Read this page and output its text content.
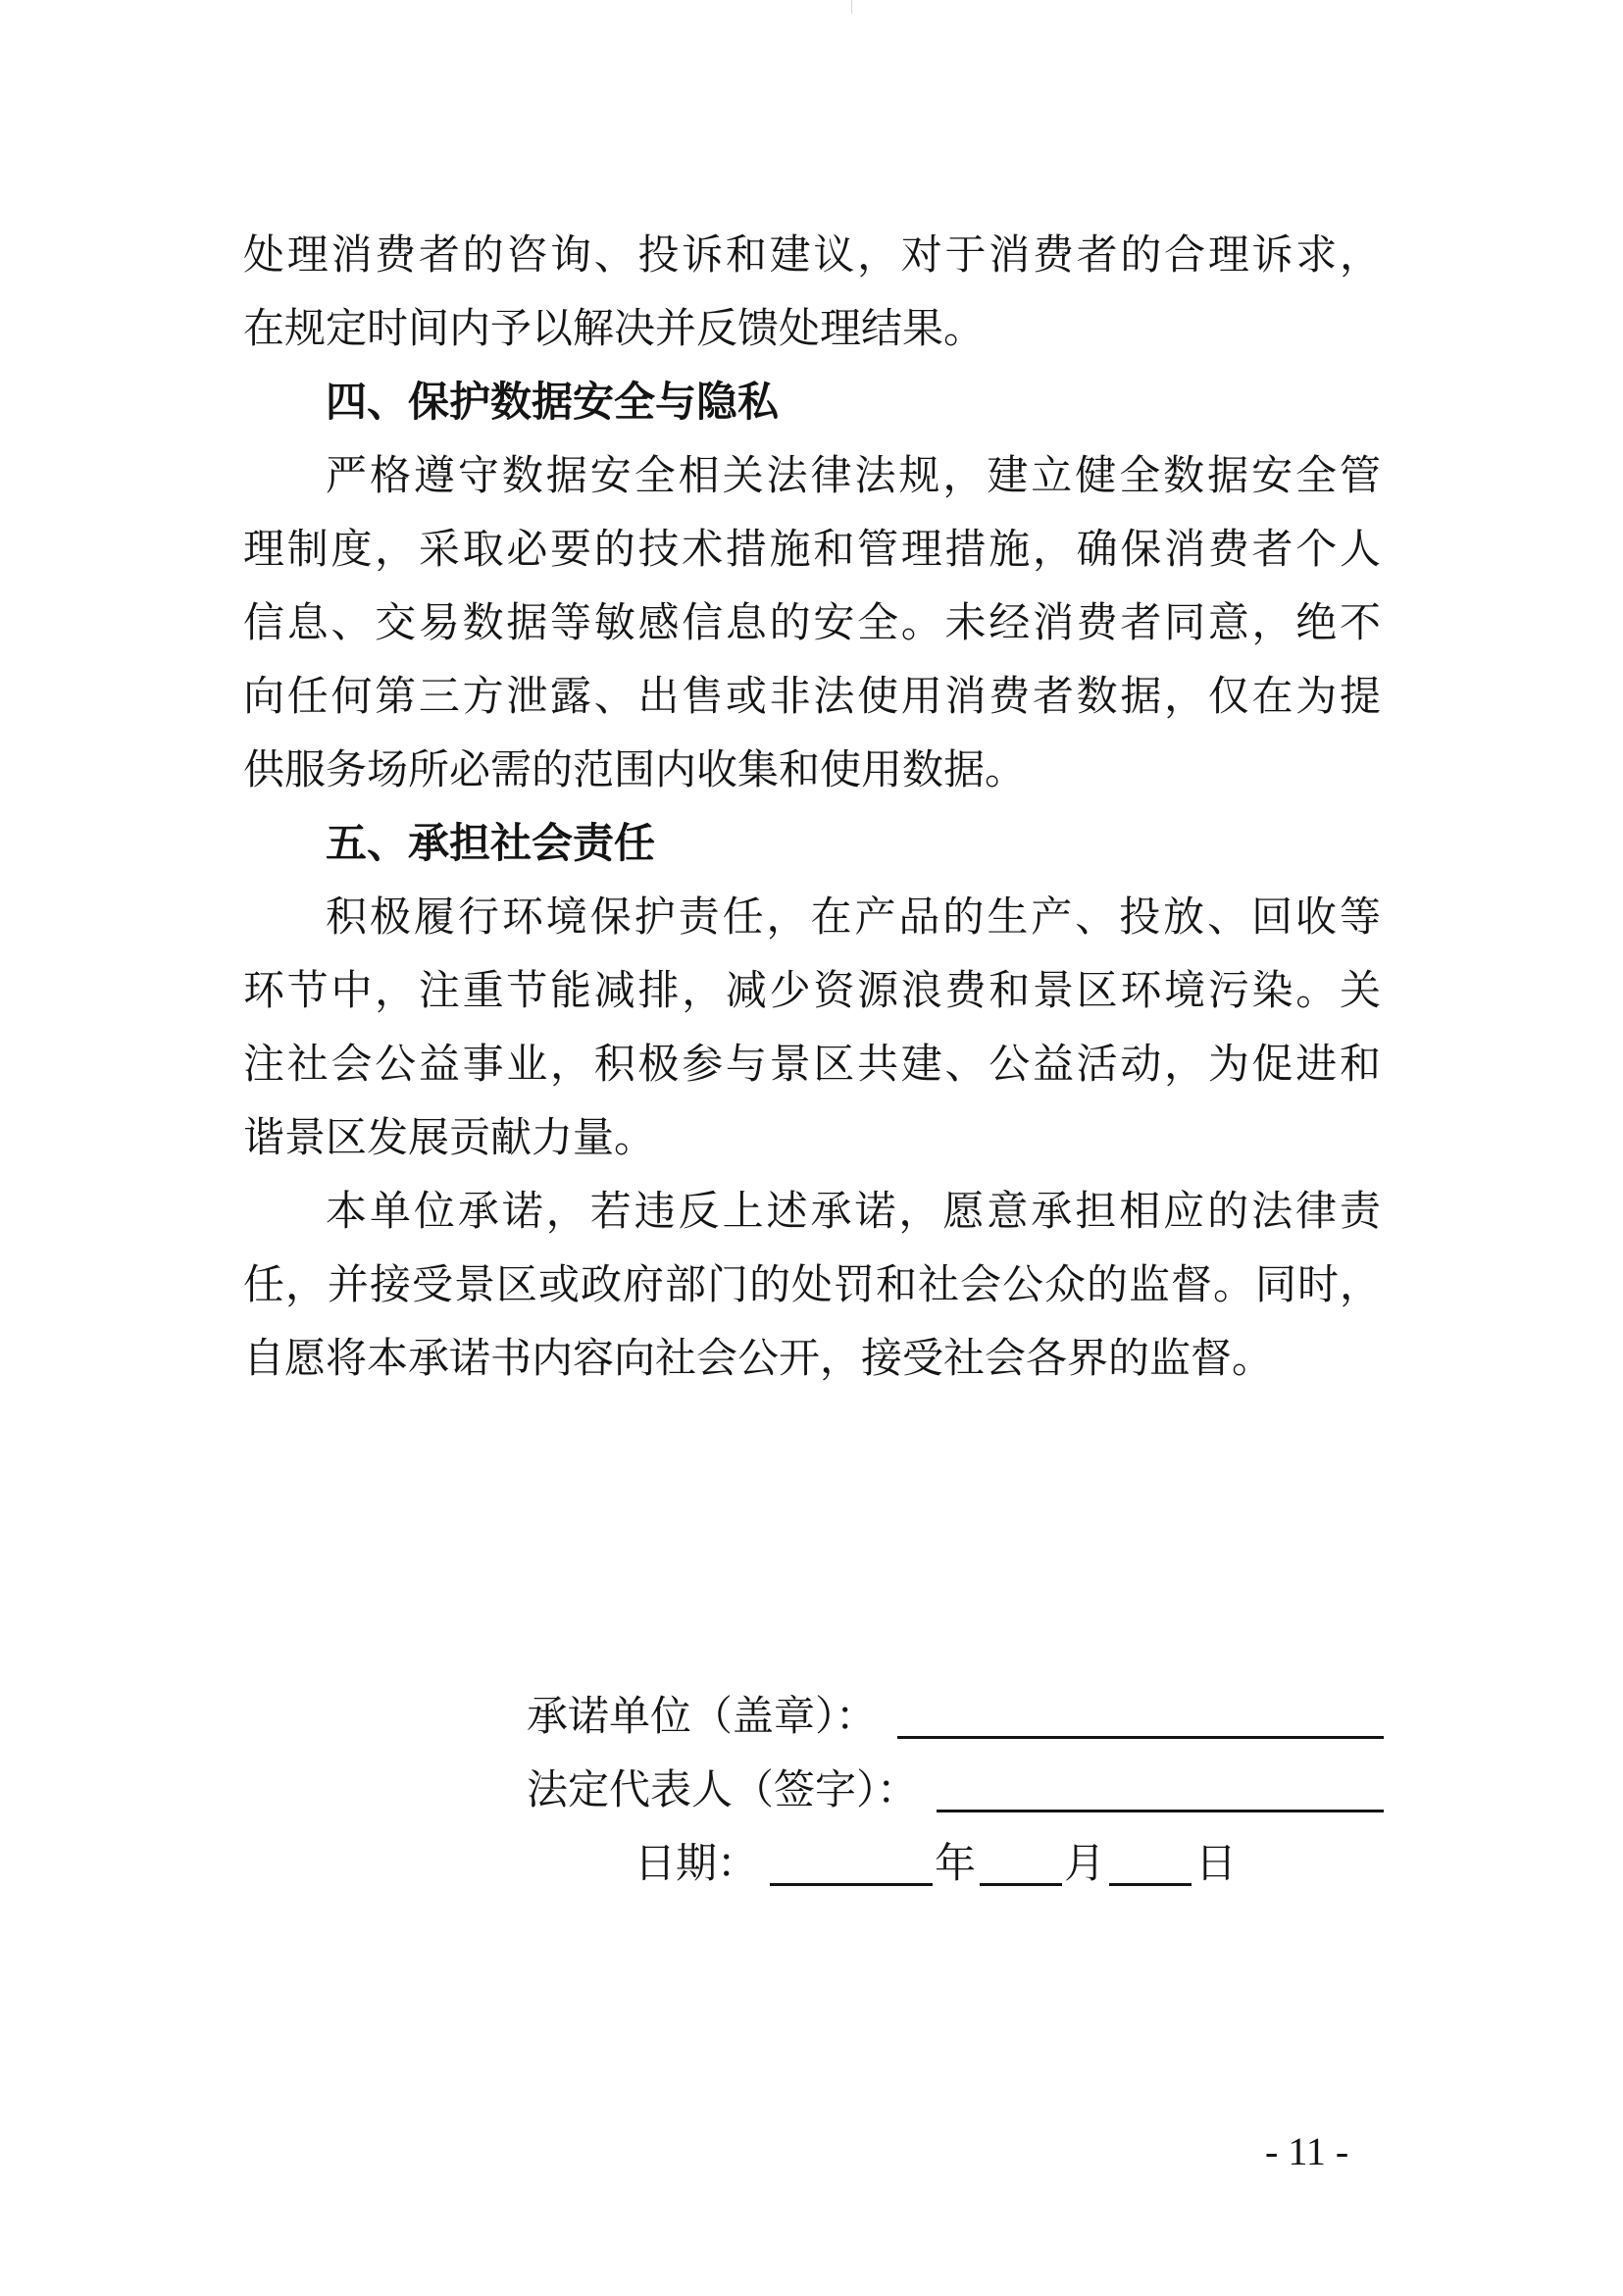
处理消费者的咨询、投诉和建议，对于消费者的合理诉求，
在规定时间内予以解决并反馈处理结果。
四、保护数据安全与隐私
严格遵守数据安全相关法律法规，建立健全数据安全管
理制度，采取必要的技术措施和管理措施，确保消费者个人
信息、交易数据等敏感信息的安全。未经消费者同意，绝不
向任何第三方泄露、出售或非法使用消费者数据，仅在为提
供服务场所必需的范围内收集和使用数据。
五、承担社会责任
积极履行环境保护责任，在产品的生产、投放、回收等
环节中，注重节能减排，减少资源浪费和景区环境污染。关
注社会公益事业，积极参与景区共建、公益活动，为促进和
谐景区发展贡献力量。
本单位承诺，若违反上述承诺，愿意承担相应的法律责
任，并接受景区或政府部门的处罚和社会公众的监督。同时，
自愿将本承诺书内容向社会公开，接受社会各界的监督。
承诺单位（盖章）：
法定代表人（签字）：
日期：	年 月 日
- 11 -
